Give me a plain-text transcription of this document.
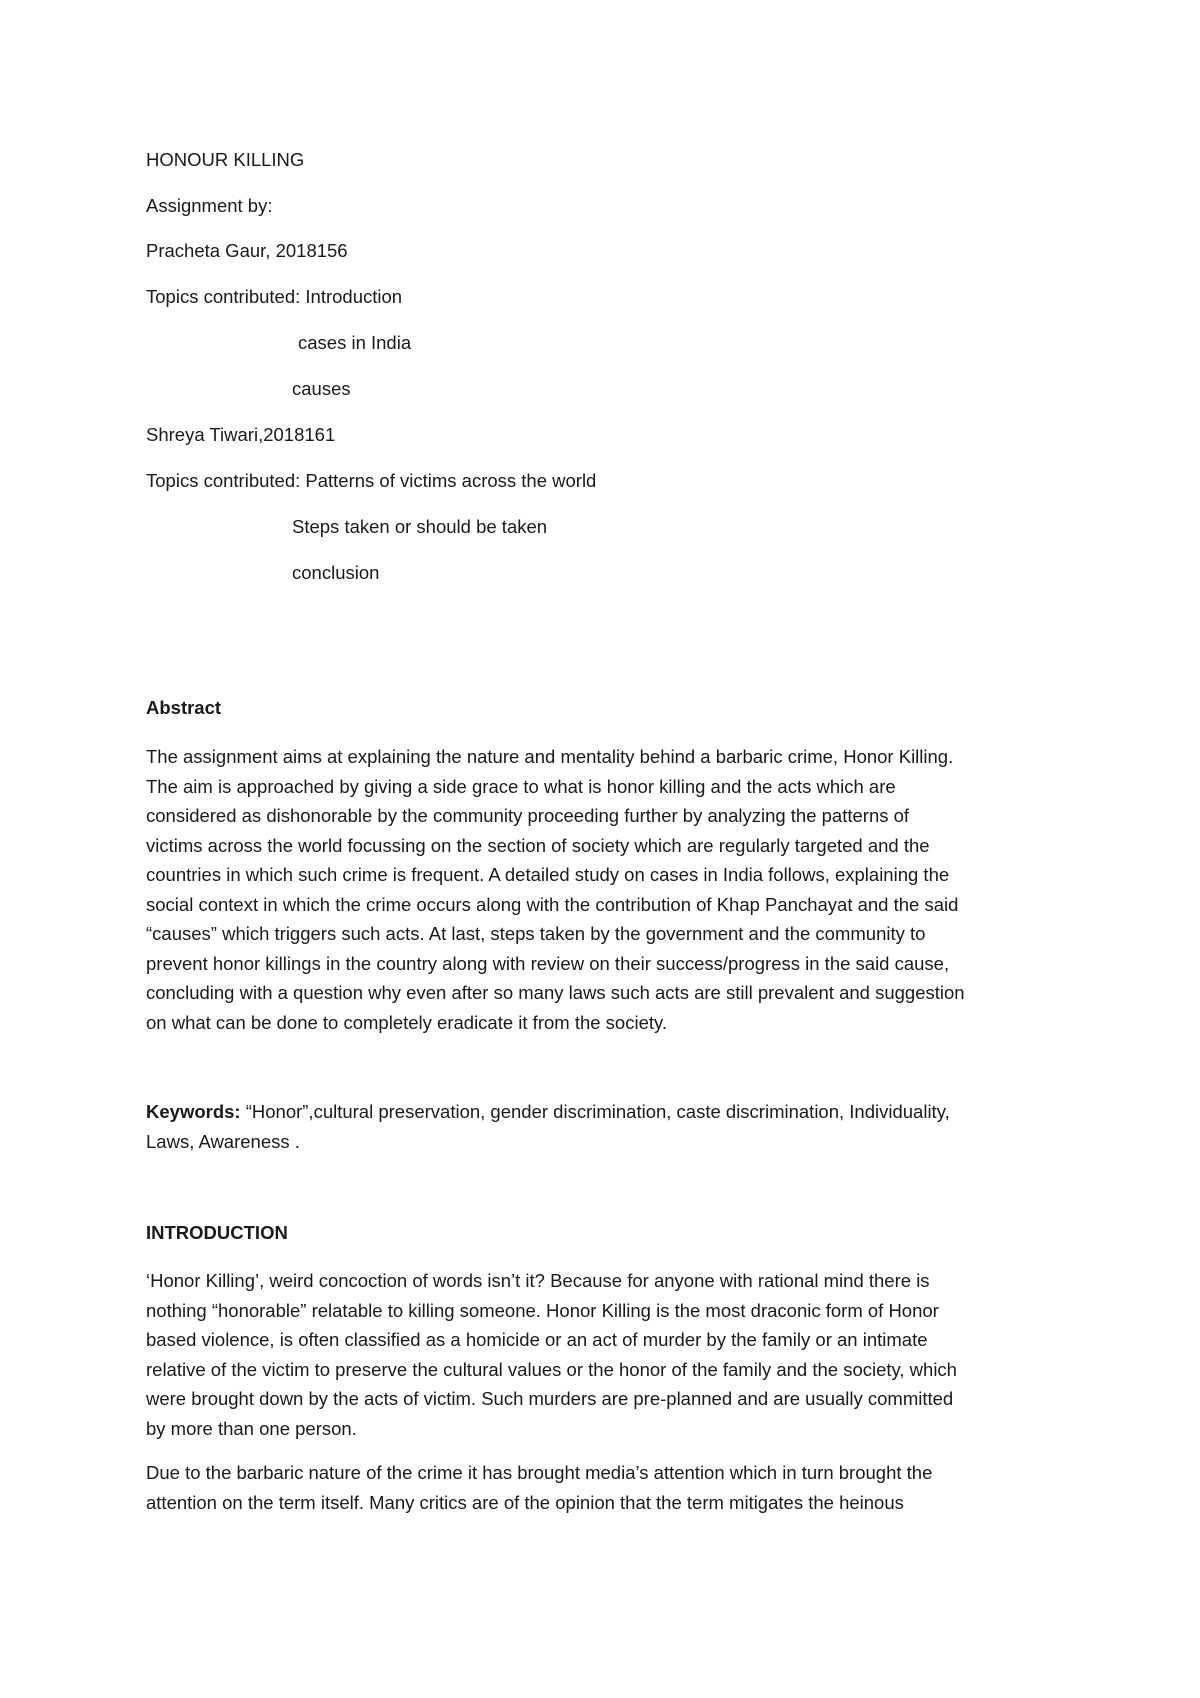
HONOUR KILLING
Assignment by:
Pracheta Gaur, 2018156
Topics contributed: Introduction
cases in India
causes
Shreya Tiwari,2018161
Topics contributed: Patterns of victims across the world
Steps taken or should be taken
conclusion
Abstract

The assignment aims at explaining the nature and mentality behind a barbaric crime, Honor Killing.

The aim is approached by giving a side grace to what is honor killing and the acts which are

considered as dishonorable by the community proceeding further by analyzing the patterns of

victims across the world focussing on the section of society which are regularly targeted and the

countries in which such crime is frequent. A detailed study on cases in India follows, explaining the

social context in which the crime occurs along with the contribution of Khap Panchayat and the said

“causes” which triggers such acts. At last, steps taken by the government and the community to

prevent honor killings in the country along with review on their success/progress in the said cause,

concluding with a question why even after so many laws such acts are still prevalent and suggestion

on what can be done to completely eradicate it from the society.

Keywords: “Honor”,cultural preservation, gender discrimination, caste discrimination, Individuality,

Laws, Awareness .

INTRODUCTION

‘Honor Killing’, weird concoction of words isn’t it? Because for anyone with rational mind there is

nothing “honorable” relatable to killing someone. Honor Killing is the most draconic form of Honor

based violence, is often classified as a homicide or an act of murder by the family or an intimate

relative of the victim to preserve the cultural values or the honor of the family and the society, which

were brought down by the acts of victim. Such murders are pre-planned and are usually committed

by more than one person.

Due to the barbaric nature of the crime it has brought media’s attention which in turn brought the

attention on the term itself. Many critics are of the opinion that the term mitigates the heinous
